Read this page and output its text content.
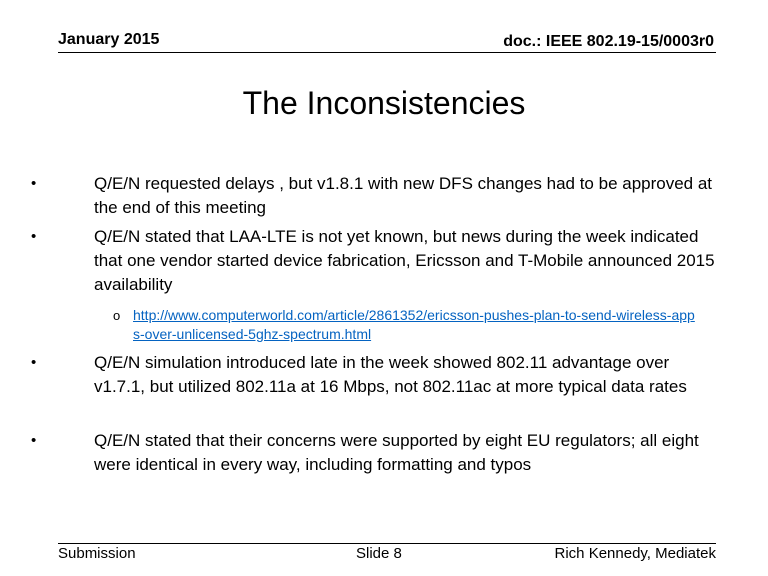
January 2015	doc.: IEEE 802.19-15/0003r0
The Inconsistencies
•	Q/E/N requested delays , but v1.8.1 with new DFS changes had to be approved at the end of this meeting
•	Q/E/N stated that LAA-LTE is not yet known, but news during the week indicated that one vendor started device fabrication, Ericsson and T-Mobile announced 2015 availability
o http://www.computerworld.com/article/2861352/ericsson-pushes-plan-to-send-wireless-apps-over-unlicensed-5ghz-spectrum.html
•	Q/E/N simulation introduced late in the week showed 802.11 advantage over v1.7.1, but utilized 802.11a at 16 Mbps, not 802.11ac at more typical data rates
•	Q/E/N stated that their concerns were supported by eight EU regulators; all eight were identical in every way, including formatting and typos
Submission	Slide 8	Rich Kennedy, Mediatek
